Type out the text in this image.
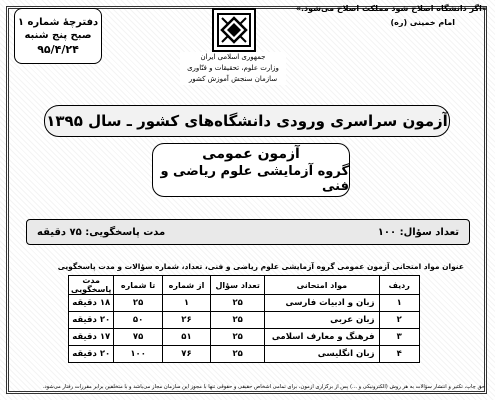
«اگر دانشگاه اصلاح شود مملکت اصلاح می‌شود.»
امام خمینی (ره)
دفترچهٔ شماره ۱
صبح پنج شنبه
۹۵/۴/۲۴
جمهوری اسلامی ایران
وزارت علوم، تحقیقات و فنّاوری
سازمان سنجش آموزش کشور
آزمون سراسری ورودی دانشگاه‌های کشور ـ سال ۱۳۹۵
آزمون عمومی
گروه آزمایشی علوم ریاضی و فنی
تعداد سؤال: ۱۰۰
مدت پاسخگویی: ۷۵ دقیقه
عنوان مواد امتحانی آزمون عمومی گروه آزمایشی علوم ریاضی و فنی، تعداد، شماره سؤالات و مدت پاسخگویی
ردیف	مواد امتحانی	تعداد سؤال	از شماره	تا شماره	مدت پاسخگویی
۱	زبان و ادبیات فارسی	۲۵	۱	۲۵	۱۸ دقیقه
۲	زبان عربی	۲۵	۲۶	۵۰	۲۰ دقیقه
۳	فرهنگ و معارف اسلامی	۲۵	۵۱	۷۵	۱۷ دقیقه
۴	زبان انگلیسی	۲۵	۷۶	۱۰۰	۲۰ دقیقه
حق چاپ، تکثیر و انتشار سؤالات به هر روش (الکترونیکی و ...) پس از برگزاری آزمون، برای تمامی اشخاص حقیقی و حقوقی تنها با مجوز این سازمان مجاز می‌باشد و با متخلفین برابر مقررات رفتار می‌شود.
